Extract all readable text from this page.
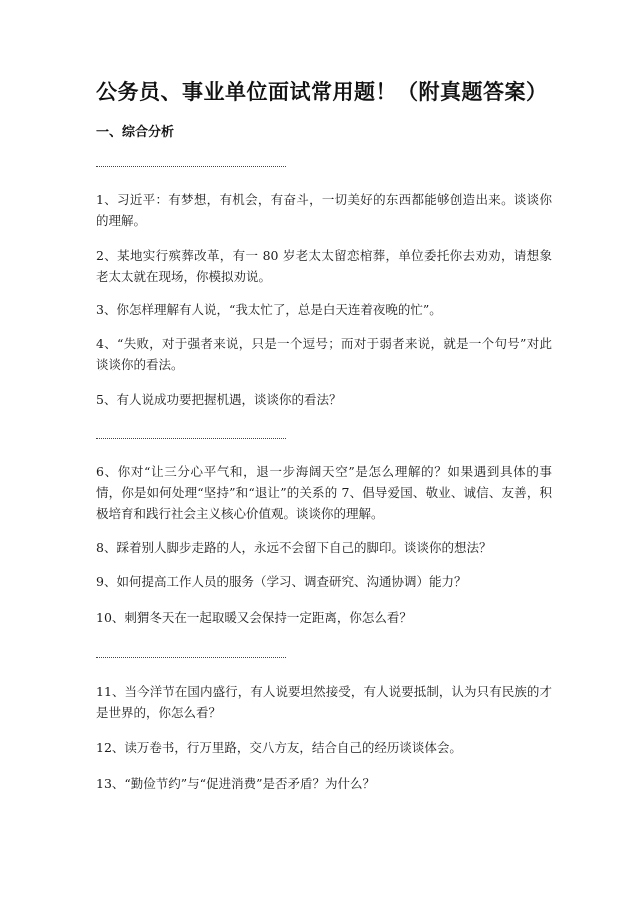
公务员、事业单位面试常用题！（附真题答案）
一、综合分析
1、习近平：有梦想，有机会，有奋斗，一切美好的东西都能够创造出来。谈谈你的理解。
2、某地实行殡葬改革，有一 80 岁老太太留恋棺葬，单位委托你去劝劝，请想象老太太就在现场，你模拟劝说。
3、你怎样理解有人说，“我太忙了，总是白天连着夜晚的忙”。
4、“失败，对于强者来说，只是一个逗号；而对于弱者来说，就是一个句号”对此谈谈你的看法。
5、有人说成功要把握机遇，谈谈你的看法？
6、你对“让三分心平气和，退一步海阔天空”是怎么理解的？如果遇到具体的事情，你是如何处理“坚持”和“退让”的关系的 7、倡导爱国、敬业、诚信、友善，积极培育和践行社会主义核心价值观。谈谈你的理解。
8、踩着别人脚步走路的人，永远不会留下自己的脚印。谈谈你的想法？
9、如何提高工作人员的服务（学习、调查研究、沟通协调）能力？
10、刺猬冬天在一起取暖又会保持一定距离，你怎么看？
11、当今洋节在国内盛行，有人说要坦然接受，有人说要抵制，认为只有民族的才是世界的，你怎么看？
12、读万卷书，行万里路，交八方友，结合自己的经历谈谈体会。
13、“勤俭节约”与“促进消费”是否矛盾？为什么？
